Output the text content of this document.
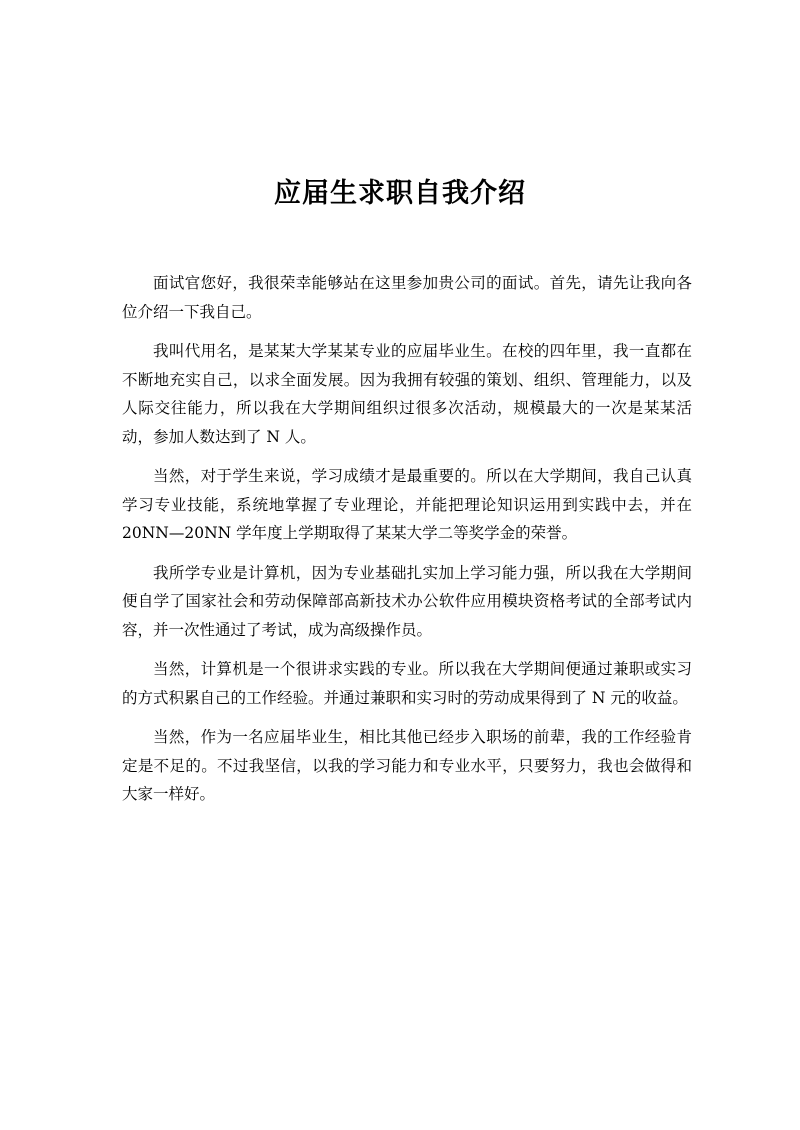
应届生求职自我介绍

面试官您好，我很荣幸能够站在这里参加贵公司的面试。首先，请先让我向各位介绍一下我自己。

我叫代用名，是某某大学某某专业的应届毕业生。在校的四年里，我一直都在不断地充实自己，以求全面发展。因为我拥有较强的策划、组织、管理能力，以及人际交往能力，所以我在大学期间组织过很多次活动，规模最大的一次是某某活动，参加人数达到了 N 人。

当然，对于学生来说，学习成绩才是最重要的。所以在大学期间，我自己认真学习专业技能，系统地掌握了专业理论，并能把理论知识运用到实践中去，并在 20NN—20NN 学年度上学期取得了某某大学二等奖学金的荣誉。

我所学专业是计算机，因为专业基础扎实加上学习能力强，所以我在大学期间便自学了国家社会和劳动保障部高新技术办公软件应用模块资格考试的全部考试内容，并一次性通过了考试，成为高级操作员。

当然，计算机是一个很讲求实践的专业。所以我在大学期间便通过兼职或实习的方式积累自己的工作经验。并通过兼职和实习时的劳动成果得到了 N 元的收益。

当然，作为一名应届毕业生，相比其他已经步入职场的前辈，我的工作经验肯定是不足的。不过我坚信，以我的学习能力和专业水平，只要努力，我也会做得和大家一样好。
